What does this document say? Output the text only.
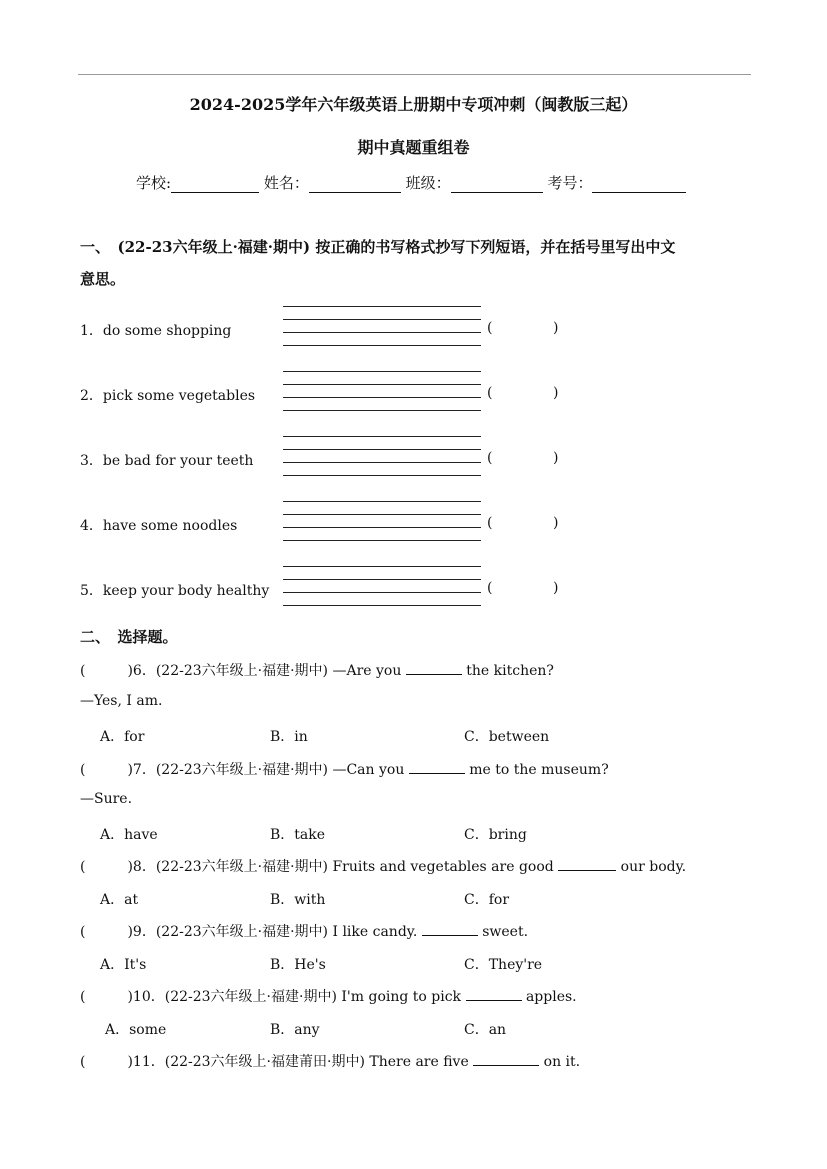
2024-2025学年六年级英语上册期中专项冲刺（闽教版三起）
期中真题重组卷
学校:	姓名：	班级：	考号：
一、　(22-23六年级上·福建·期中) 按正确的书写格式抄写下列短语，并在括号里写出中文
意思。
1．do some shopping	(	)
2．pick some vegetables	(	)
3．be bad for your teeth	(	)
4．have some noodles	(	)
5．keep your body healthy	(	)
二、　选择题。
(　　　)6．(22-23六年级上·福建·期中) —Are you	the kitchen?
—Yes, I am.
A．for	B．in	C．between
(　　　)7．(22-23六年级上·福建·期中) —Can you	me to the museum?
—Sure.
A．have	B．take	C．bring
(　　　)8．(22-23六年级上·福建·期中) Fruits and vegetables are good	our body.
A．at	B．with	C．for
(　　　)9．(22-23六年级上·福建·期中) I like candy.	sweet.
A．It's	B．He's	C．They're
(　　　)10．(22-23六年级上·福建·期中) I'm going to pick	apples.
A．some	B．any	C．an
(　　　)11．(22-23六年级上·福建莆田·期中) There are five	on it.
